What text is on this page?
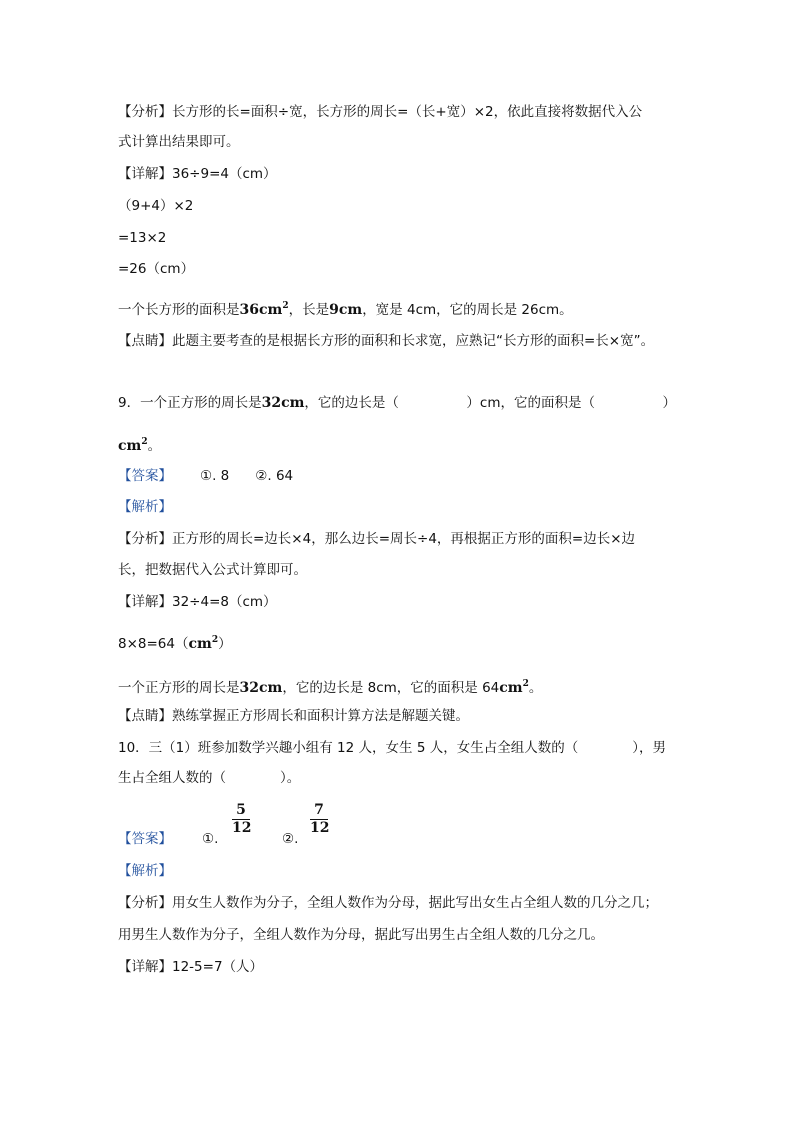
【分析】长方形的长=面积÷宽，长方形的周长=（长+宽）×2，依此直接将数据代入公
式计算出结果即可。
【详解】36÷9=4（cm）
（9+4）×2
=13×2
=26（cm）
一个长方形的面积是$36cm^2$，长是9cm，宽是 4cm，它的周长是 26cm。
【点睛】此题主要考查的是根据长方形的面积和长求宽，应熟记“长方形的面积=长×宽”。
9．一个正方形的周长是32cm，它的边长是（　　　　　）cm，它的面积是（　　　　　）
$cm^2$。
【答案】 ①. 8 ②. 64
【解析】
【分析】正方形的周长=边长×4，那么边长=周长÷4，再根据正方形的面积=边长×边
长，把数据代入公式计算即可。
【详解】32÷4=8（cm）
$8\times 8=64(cm^2)$
一个正方形的周长是32cm，它的边长是 8cm，它的面积是 $64cm^2$。
【点睛】熟练掌握正方形周长和面积计算方法是解题关键。
10．三（1）班参加数学兴趣小组有 12 人，女生 5 人，女生占全组人数的（　　　　），男
生占全组人数的（　　　　）。
【答案】 ①.
5
12
②.
7
12
【解析】
【分析】用女生人数作为分子，全组人数作为分母，据此写出女生占全组人数的几分之几；
用男生人数作为分子，全组人数作为分母，据此写出男生占全组人数的几分之几。
【详解】12-5=7（人）
